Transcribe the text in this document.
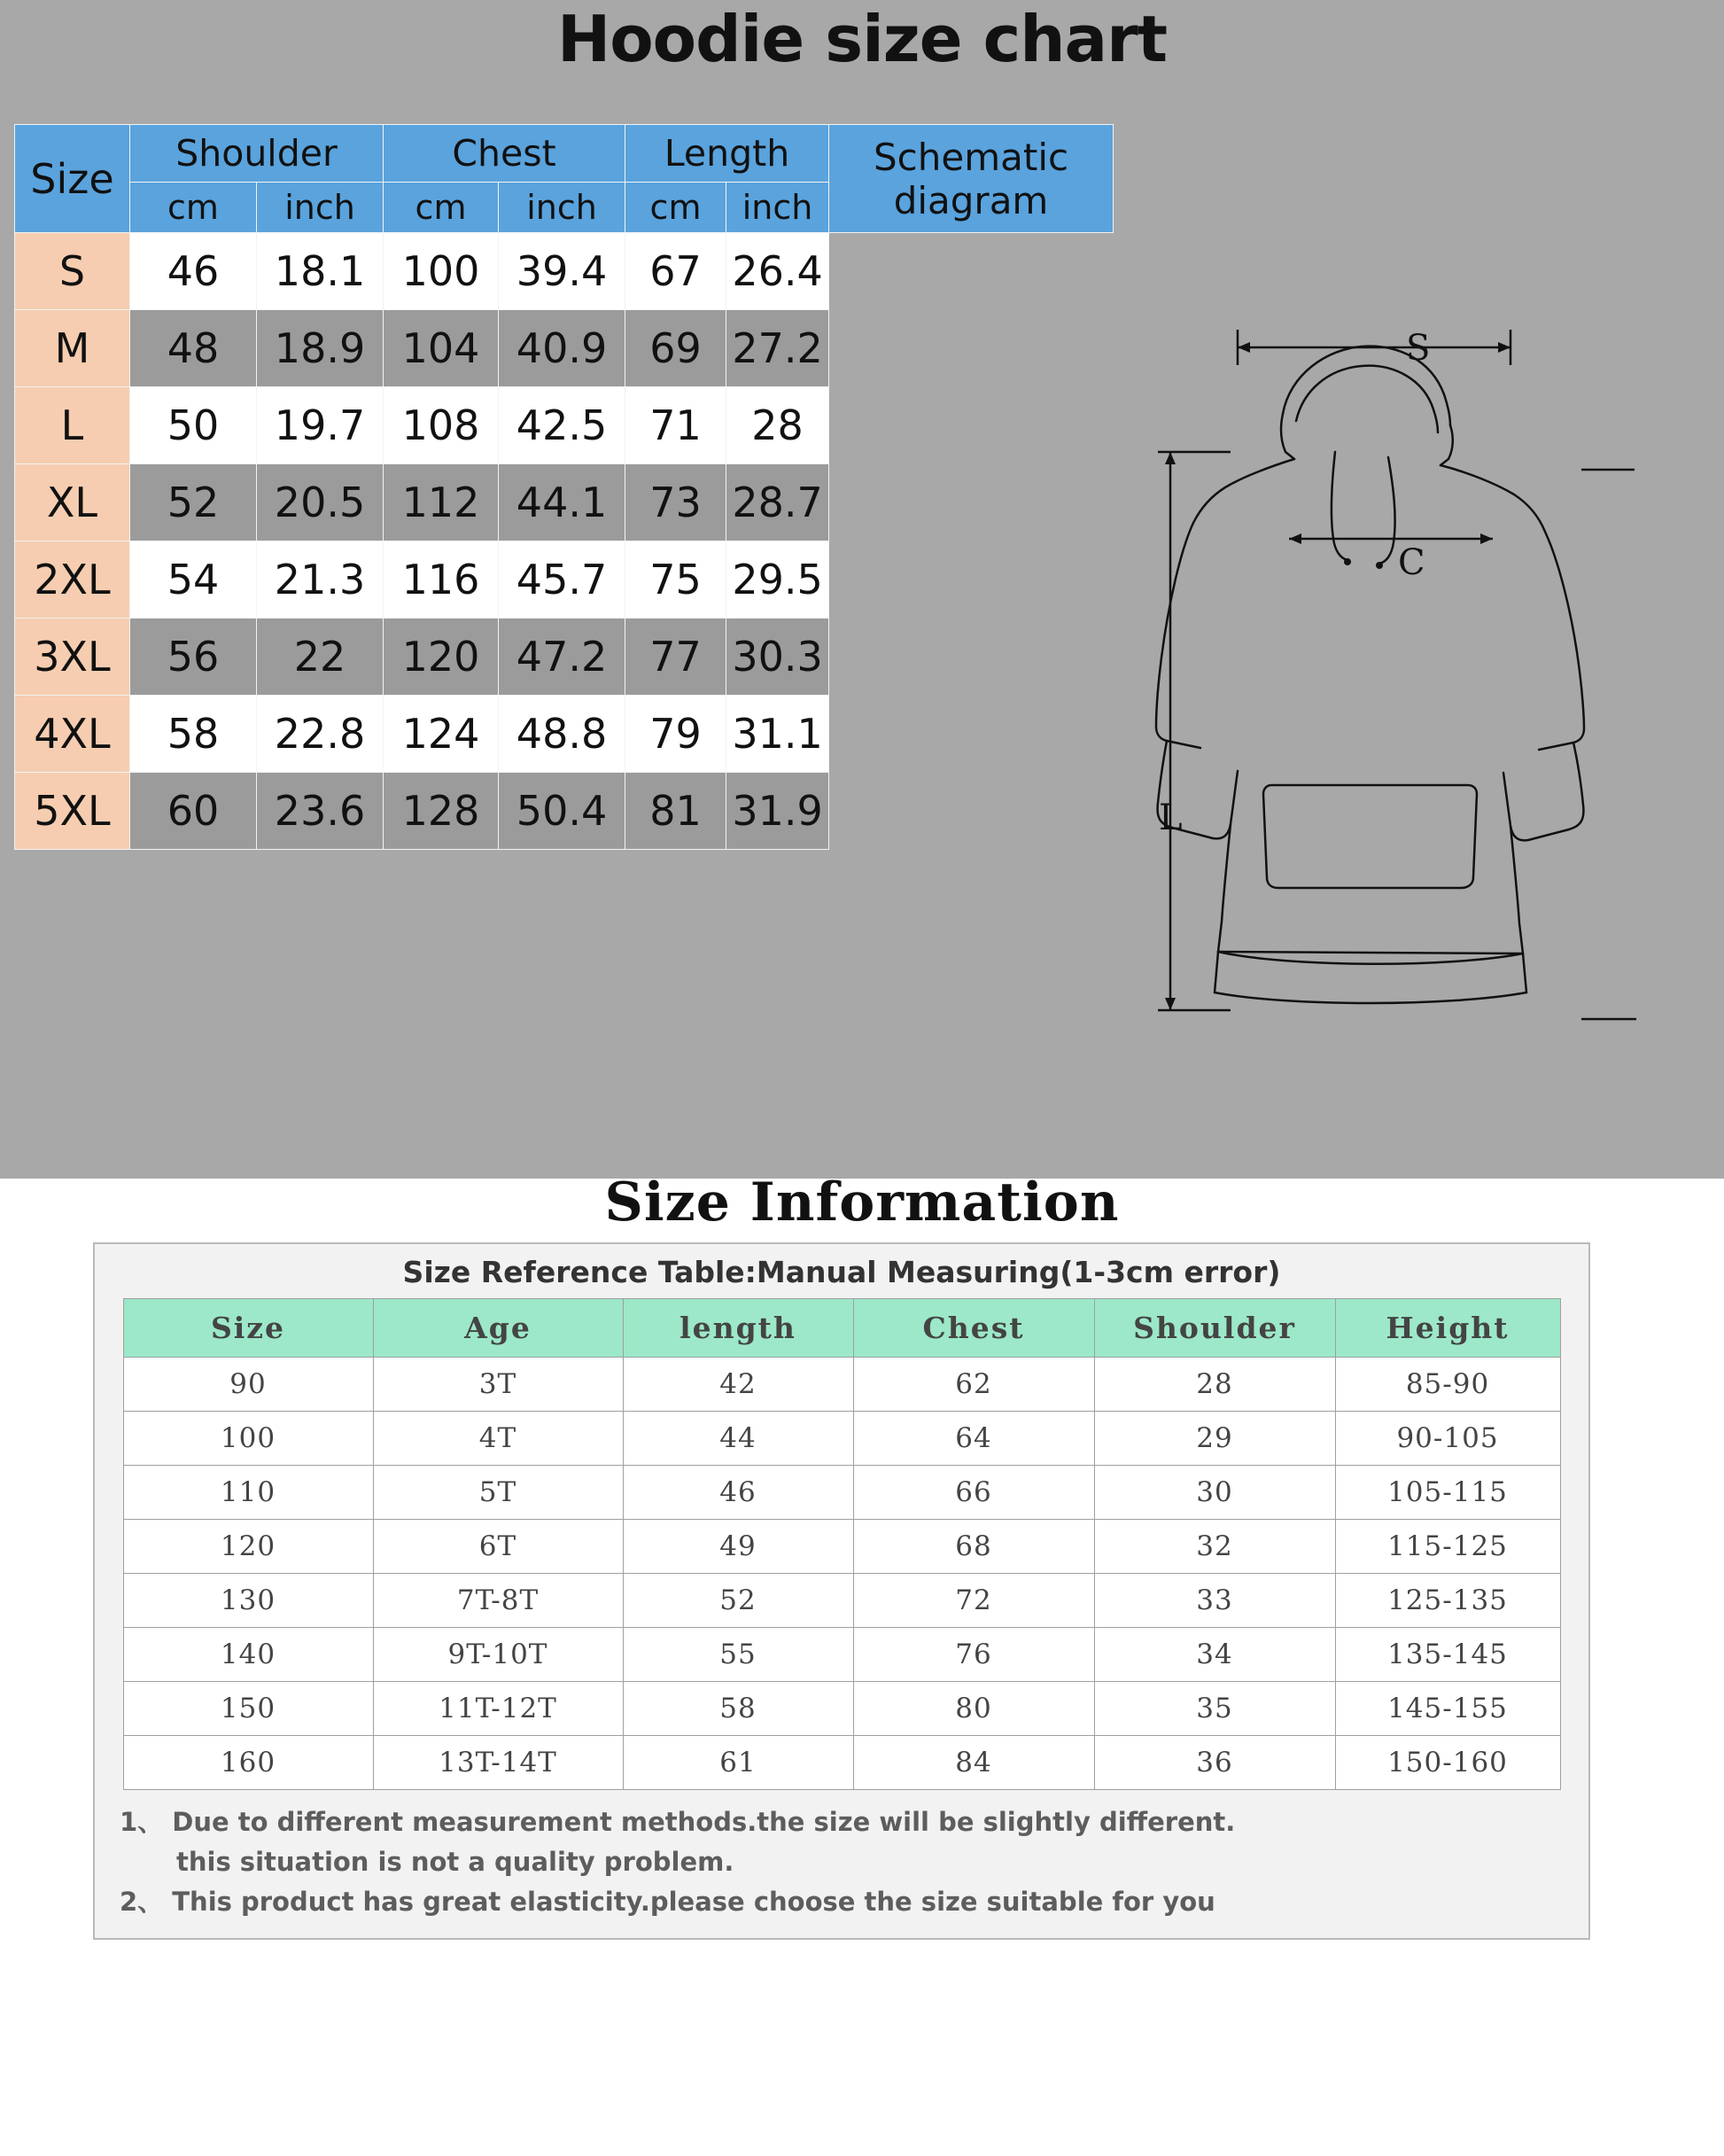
Hoodie size chart
Size	Shoulder		Chest		Length		Schematic diagram

	cm	inch	cm	inch	cm	inch	
S	46	18.1	100	39.4	67	26.4	
M	48	18.9	104	40.9	69	27.2	
L	50	19.7	108	42.5	71	28	
XL	52	20.5	112	44.1	73	28.7	
2XL	54	21.3	116	45.7	75	29.5	
3XL	56	22	120	47.2	77	30.3	
4XL	58	22.8	124	48.8	79	31.1	
5XL	60	23.6	128	50.4	81	31.9	
S
C
L
Size Information
Size Reference Table:Manual Measuring(1-3cm error)
Size	Age	length	Chest	Shoulder	Height
90	3T	42	62	28	85-90
100	4T	44	64	29	90-105
110	5T	46	66	30	105-115
120	6T	49	68	32	115-125
130	7T-8T	52	72	33	125-135
140	9T-10T	55	76	34	135-145
150	11T-12T	58	80	35	145-155
160	13T-14T	61	84	36	150-160
1、 Due to different measurement methods.the size will be slightly different.
this situation is not a quality problem.
2、 This product has great elasticity.please choose the size suitable for you
